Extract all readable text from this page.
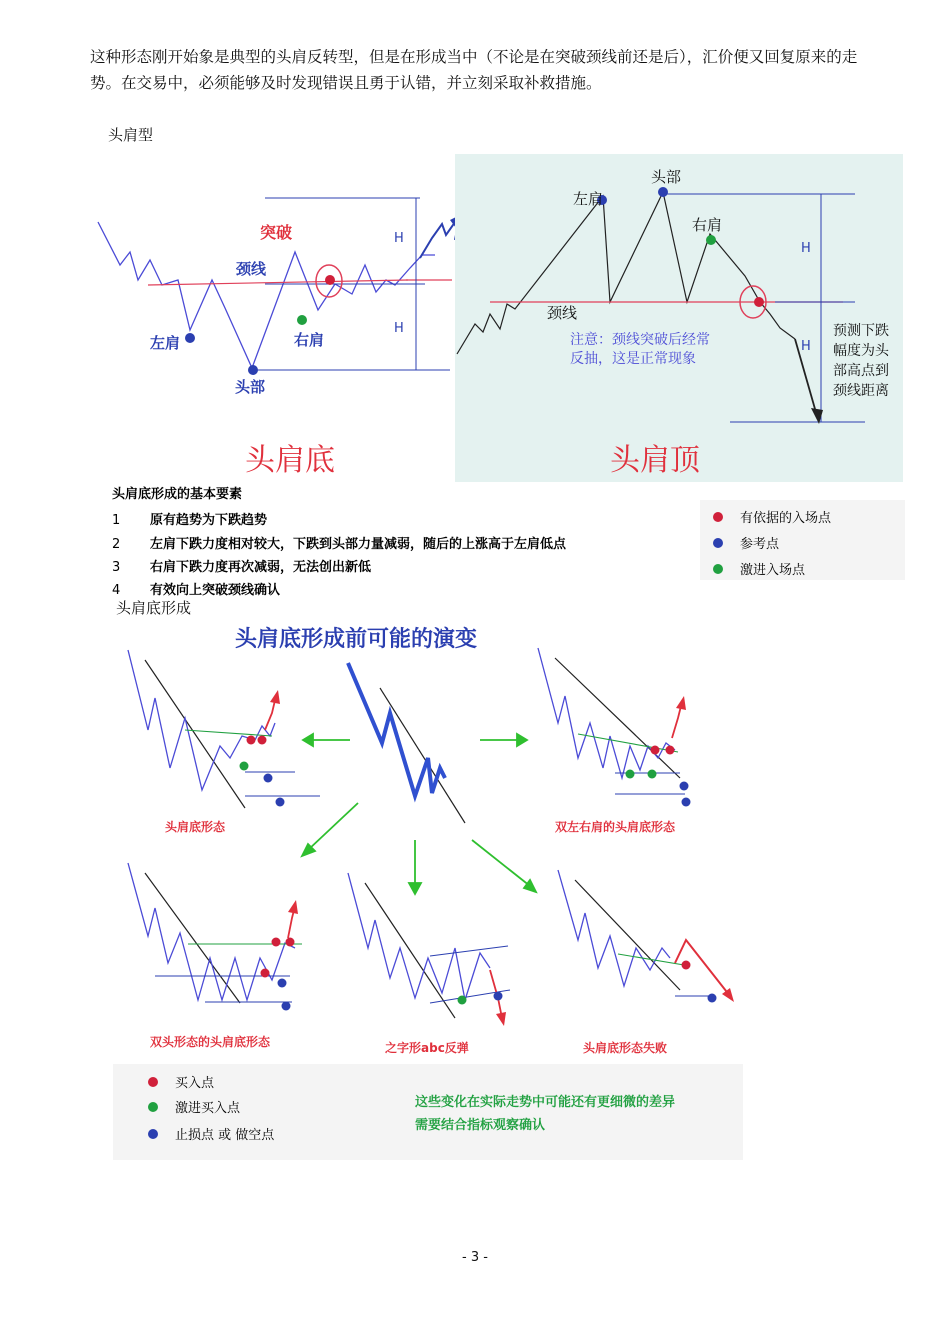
这种形态刚开始象是典型的头肩反转型，但是在形成当中（不论是在突破颈线前还是后），汇价便又回复原来的走势。在交易中，必须能够及时发现错误且勇于认错，并立刻采取补救措施。
头肩型
H
H
突破
颈线
左肩	右肩
头部
头肩底
H
H
左肩
头部
右肩
颈线
注意：颈线突破后经常
反抽，这是正常现象
预测下跌
幅度为头
部高点到
颈线距离
头肩顶
头肩底形成的基本要素
1 原有趋势为下跌趋势
2 左肩下跌力度相对较大，下跌到头部力量减弱，随后的上涨高于左肩低点
3 右肩下跌力度再次减弱，无法创出新低
4 有效向上突破颈线确认
有依据的入场点
参考点
激进入场点
头肩底形成
头肩底形成前可能的演变
头肩底形态	双左右肩的头肩底形态
双头形态的头肩底形态	之字形abc反弹	头肩底形态失败
买入点
激进买入点
止损点 或 做空点
这些变化在实际走势中可能还有更细微的差异
需要结合指标观察确认
- 3 -
